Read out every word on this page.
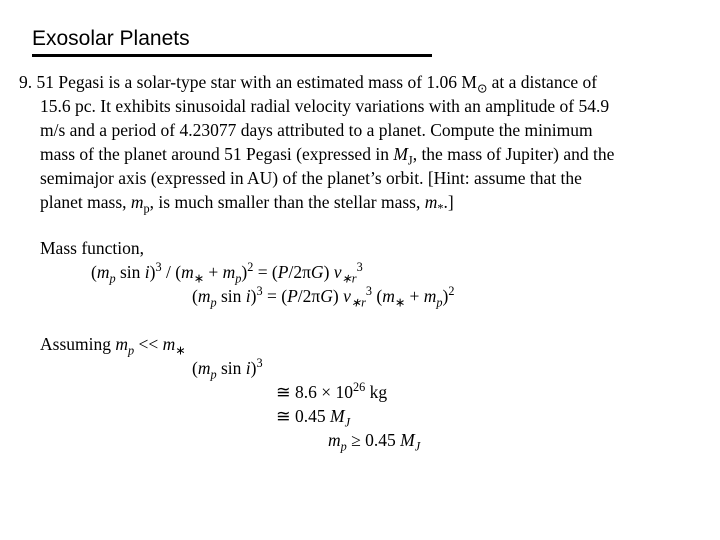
Exosolar Planets
9. 51 Pegasi is a solar-type star with an estimated mass of 1.06 $M_⊙$ at a distance of
15.6 pc. It exhibits sinusoidal radial velocity variations with an amplitude of 54.9
m/s and a period of 4.23077 days attributed to a planet. Compute the minimum
mass of the planet around 51 Pegasi (expressed in $M_J$, the mass of Jupiter) and the
semimajor axis (expressed in AU) of the planet’s orbit. [Hint: assume that the
planet mass, $m_p$, is much smaller than the stellar mass, $m_*$.]
Mass function,
($m_p$ $\sin i)^3 / (m_∗ + m_p)^2 = (P/2\pi G)$ $v_{∗r}^3$
($m_p$ sin i)$^3$ = (P/2πG) $v_{∗r}^3$ $(m_∗ + m_p)^2$
Assuming $m_p << m_∗$
($m_p$ sin i)$^3$
≅ $8.6 \times 10^{26}$ kg
≅ 0.45 $M_J$
$m_p \ge 0.45$ $M_J$
